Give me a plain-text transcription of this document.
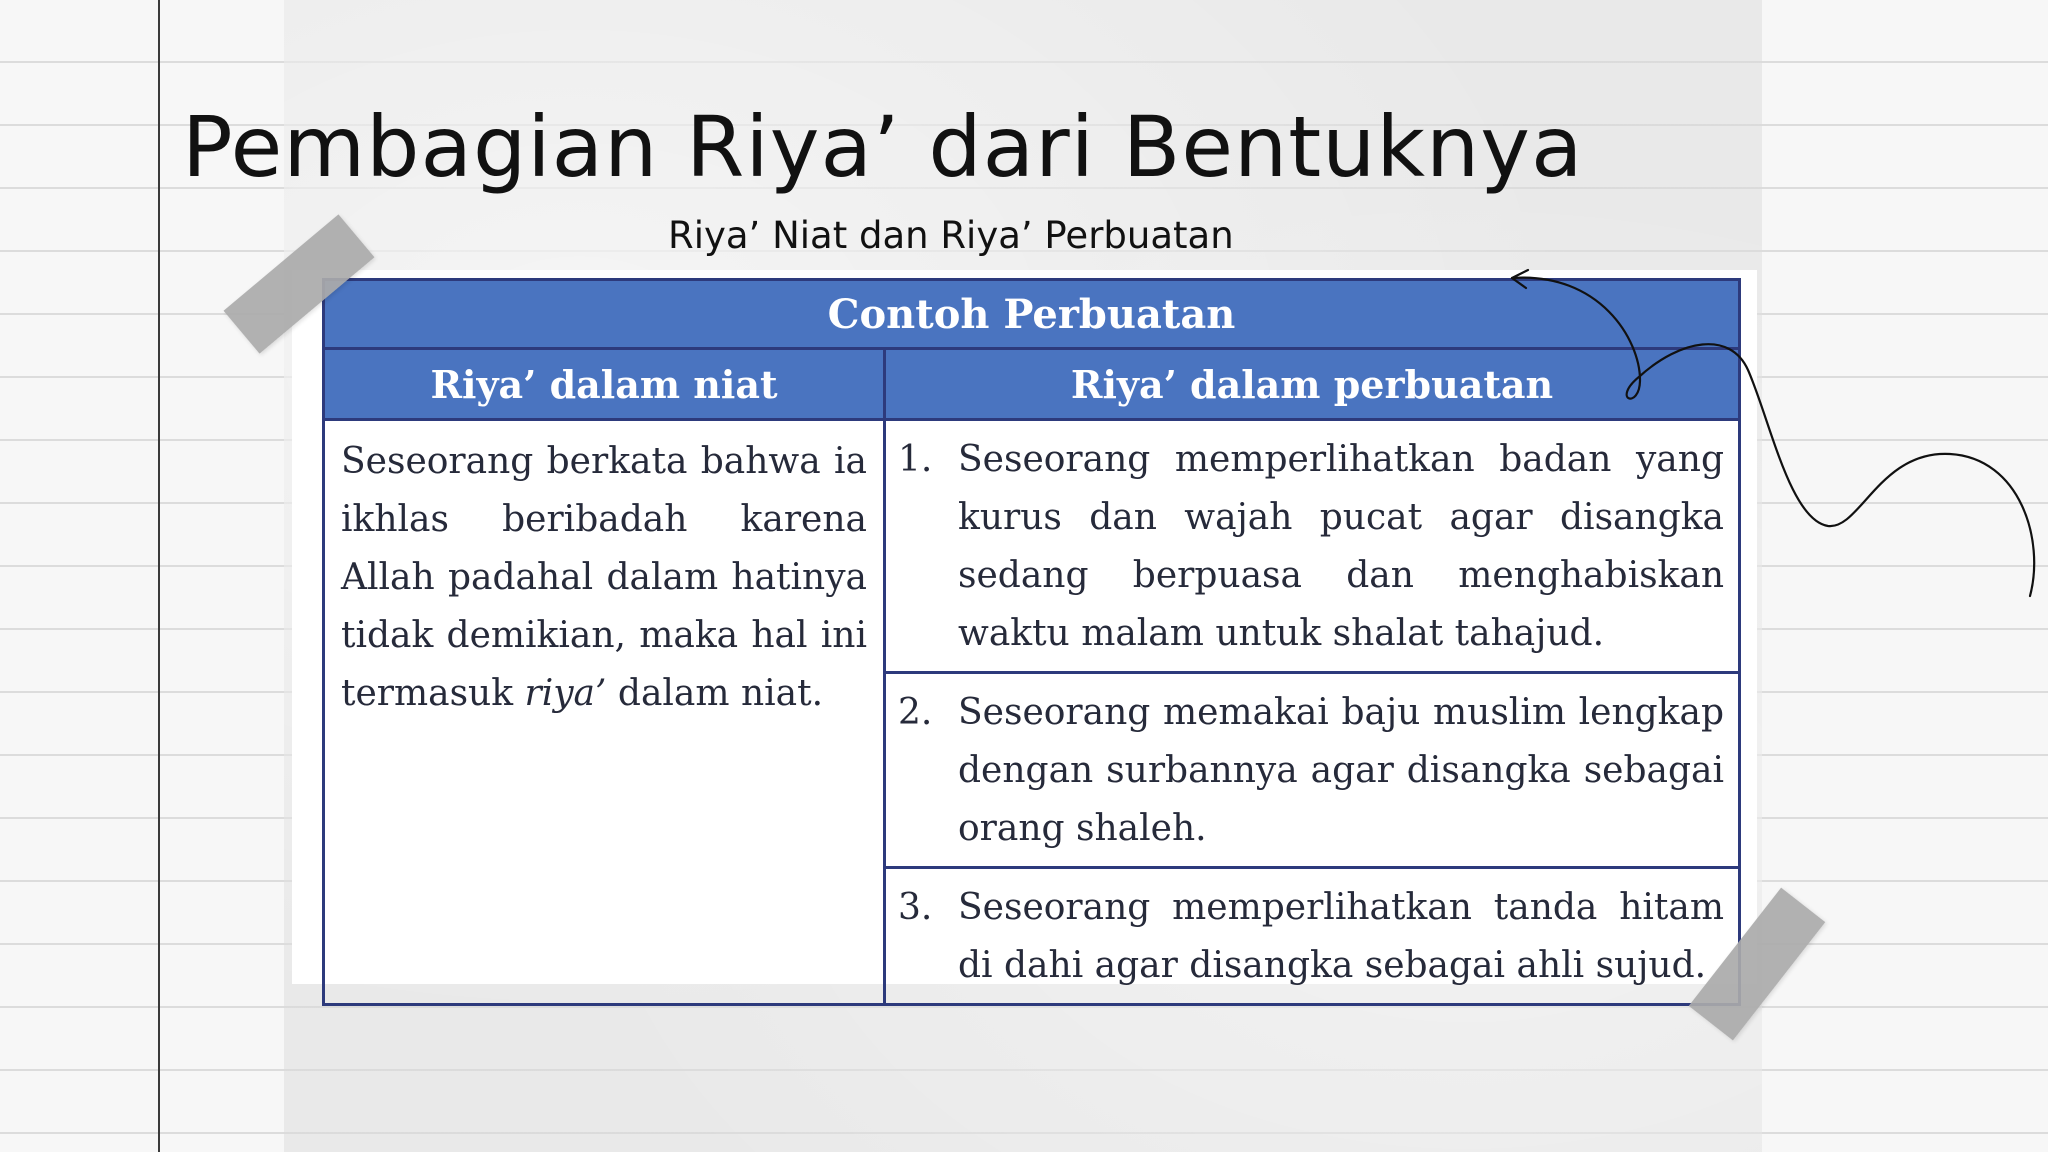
Pembagian Riya’ dari Bentuknya

Riya’ Niat dan Riya’ Perbuatan

Contoh Perbuatan	
Riya’ dalam niat	Riya’ dalam perbuatan
Seseorang berkata bahwa ia ikhlas beribadah karena Allah padahal dalam hatinya tidak demikian, maka hal ini termasuk riya’ dalam niat.	1. Seseorang memperlihatkan badan yang kurus dan wajah pucat agar disangka sedang berpuasa dan menghabiskan waktu malam untuk shalat tahajud.

	2. Seseorang memakai baju muslim lengkap dengan surbannya agar disangka sebagai orang shaleh.

	3. Seseorang memperlihatkan tanda hitam di dahi agar disangka sebagai ahli sujud.
